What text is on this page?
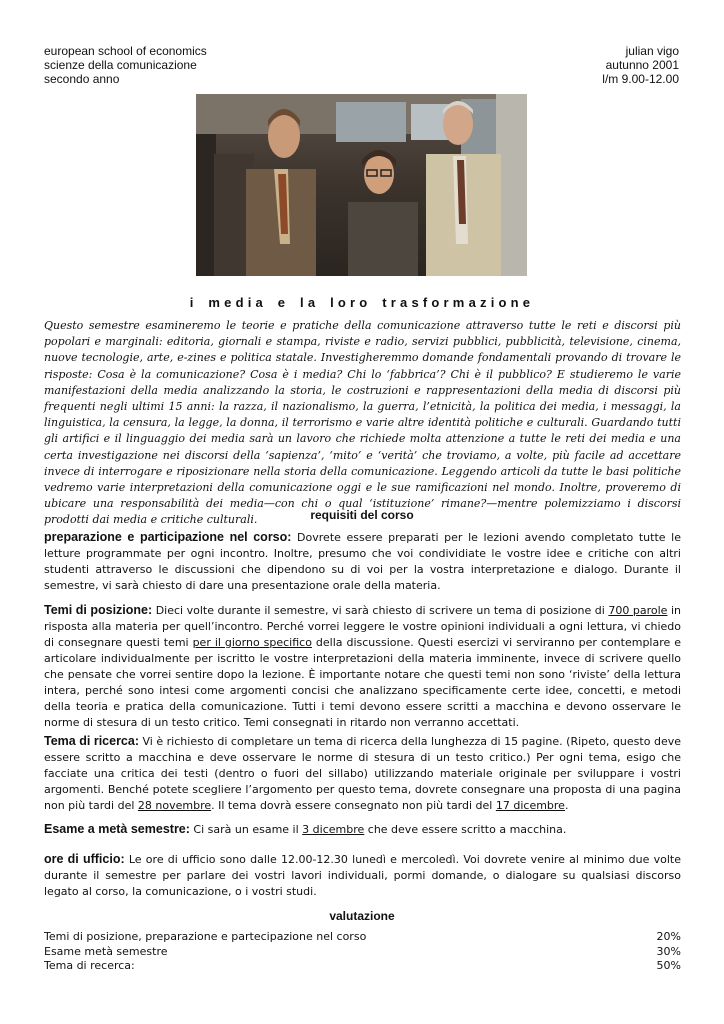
european school of economics
scienze della comunicazione
secondo anno
julian vigo
autunno 2001
l/m 9.00-12.00
i media e la loro trasformazione

Questo semestre esamineremo le teorie e pratiche della comunicazione attraverso tutte le reti e discorsi più popolari e marginali: editoria, giornali e stampa, riviste e radio, servizi pubblici, pubblicità, televisione, cinema, nuove tecnologie, arte, e-zines e politica statale. Investigheremmo domande fondamentali provando di trovare le risposte: Cosa è la comunicazione? Cosa è i media? Chi lo ‘fabbrica’? Chi è il pubblico? E studieremo le varie manifestazioni della media analizzando la storia, le costruzioni e rappresentazioni della media di discorsi più frequenti negli ultimi 15 anni: la razza, il nazionalismo, la guerra, l’etnicità, la politica dei media, i messaggi, la linguistica, la censura, la legge, la donna, il terrorismo e varie altre identità politiche e culturali. Guardando tutti gli artifici e il linguaggio dei media sarà un lavoro che richiede molta attenzione a tutte le reti dei media e una certa investigazione nei discorsi della ‘sapienza’, ‘mito’ e ‘verità’ che troviamo, a volte, più facile ad accettare invece di interrogare e riposizionare nella storia della comunicazione. Leggendo articoli da tutte le basi politiche vedremo varie interpretazioni della comunicazione oggi e le sue ramificazioni nel mondo. Inoltre, proveremo di ubicare una responsabilità dei media—con chi o qual ‘istituzione’ rimane?—mentre polemizziamo i discorsi prodotti dai media e critiche culturali.	requisiti del corso

preparazione e participazione nel corso: Dovrete essere preparati per le lezioni avendo completato tutte le letture programmate per ogni incontro. Inoltre, presumo che voi condividiate le vostre idee e critiche con altri studenti attraverso le discussioni che dipendono su di voi per la vostra interpretazione e dialogo. Durante il semestre, vi sarà chiesto di dare una presentazione orale della materia.

Temi di posizione: Dieci volte durante il semestre, vi sarà chiesto di scrivere un tema di posizione di 700 parole in risposta alla materia per quell’incontro. Perché vorrei leggere le vostre opinioni individuali a ogni lettura, vi chiedo di consegnare questi temi per il giorno specifico della discussione. Questi esercizi vi serviranno per contemplare e articolare individualmente per iscritto le vostre interpretazioni della materia imminente, invece di scrivere quello che pensate che vorrei sentire dopo la lezione. È importante notare che questi temi non sono ‘riviste’ della lettura intera, perché sono intesi come argomenti concisi che analizzano specificamente certe idee, concetti, e metodi della teoria e pratica della comunicazione. Tutti i temi devono essere scritti a macchina e devono osservare le norme di stesura di un testo critico. Temi consegnati in ritardo non verranno accettati.

Tema di ricerca: Vi è richiesto di completare un tema di ricerca della lunghezza di 15 pagine. (Ripeto, questo deve essere scritto a macchina e deve osservare le norme di stesura di un testo critico.) Per ogni tema, esigo che facciate una critica dei testi (dentro o fuori del sillabo) utilizzando materiale originale per sviluppare i vostri argomenti. Benché potete scegliere l’argomento per questo tema, dovrete consegnare una proposta di una pagina non più tardi del 28 novembre. Il tema dovrà essere consegnato non più tardi del 17 dicembre.

Esame a metà semestre: Ci sarà un esame il 3 dicembre che deve essere scritto a macchina.

ore di ufficio: Le ore di ufficio sono dalle 12.00-12.30 lunedì e mercoledì. Voi dovrete venire al minimo due volte durante il semestre per parlare dei vostri lavori individuali, pormi domande, o dialogare su qualsiasi discorso legato al corso, la comunicazione, o i vostri studi.

valutazione
Temi di posizione, preparazione e partecipazione nel corso	20%
Esame metà semestre	30%
Tema di recerca:	50%
